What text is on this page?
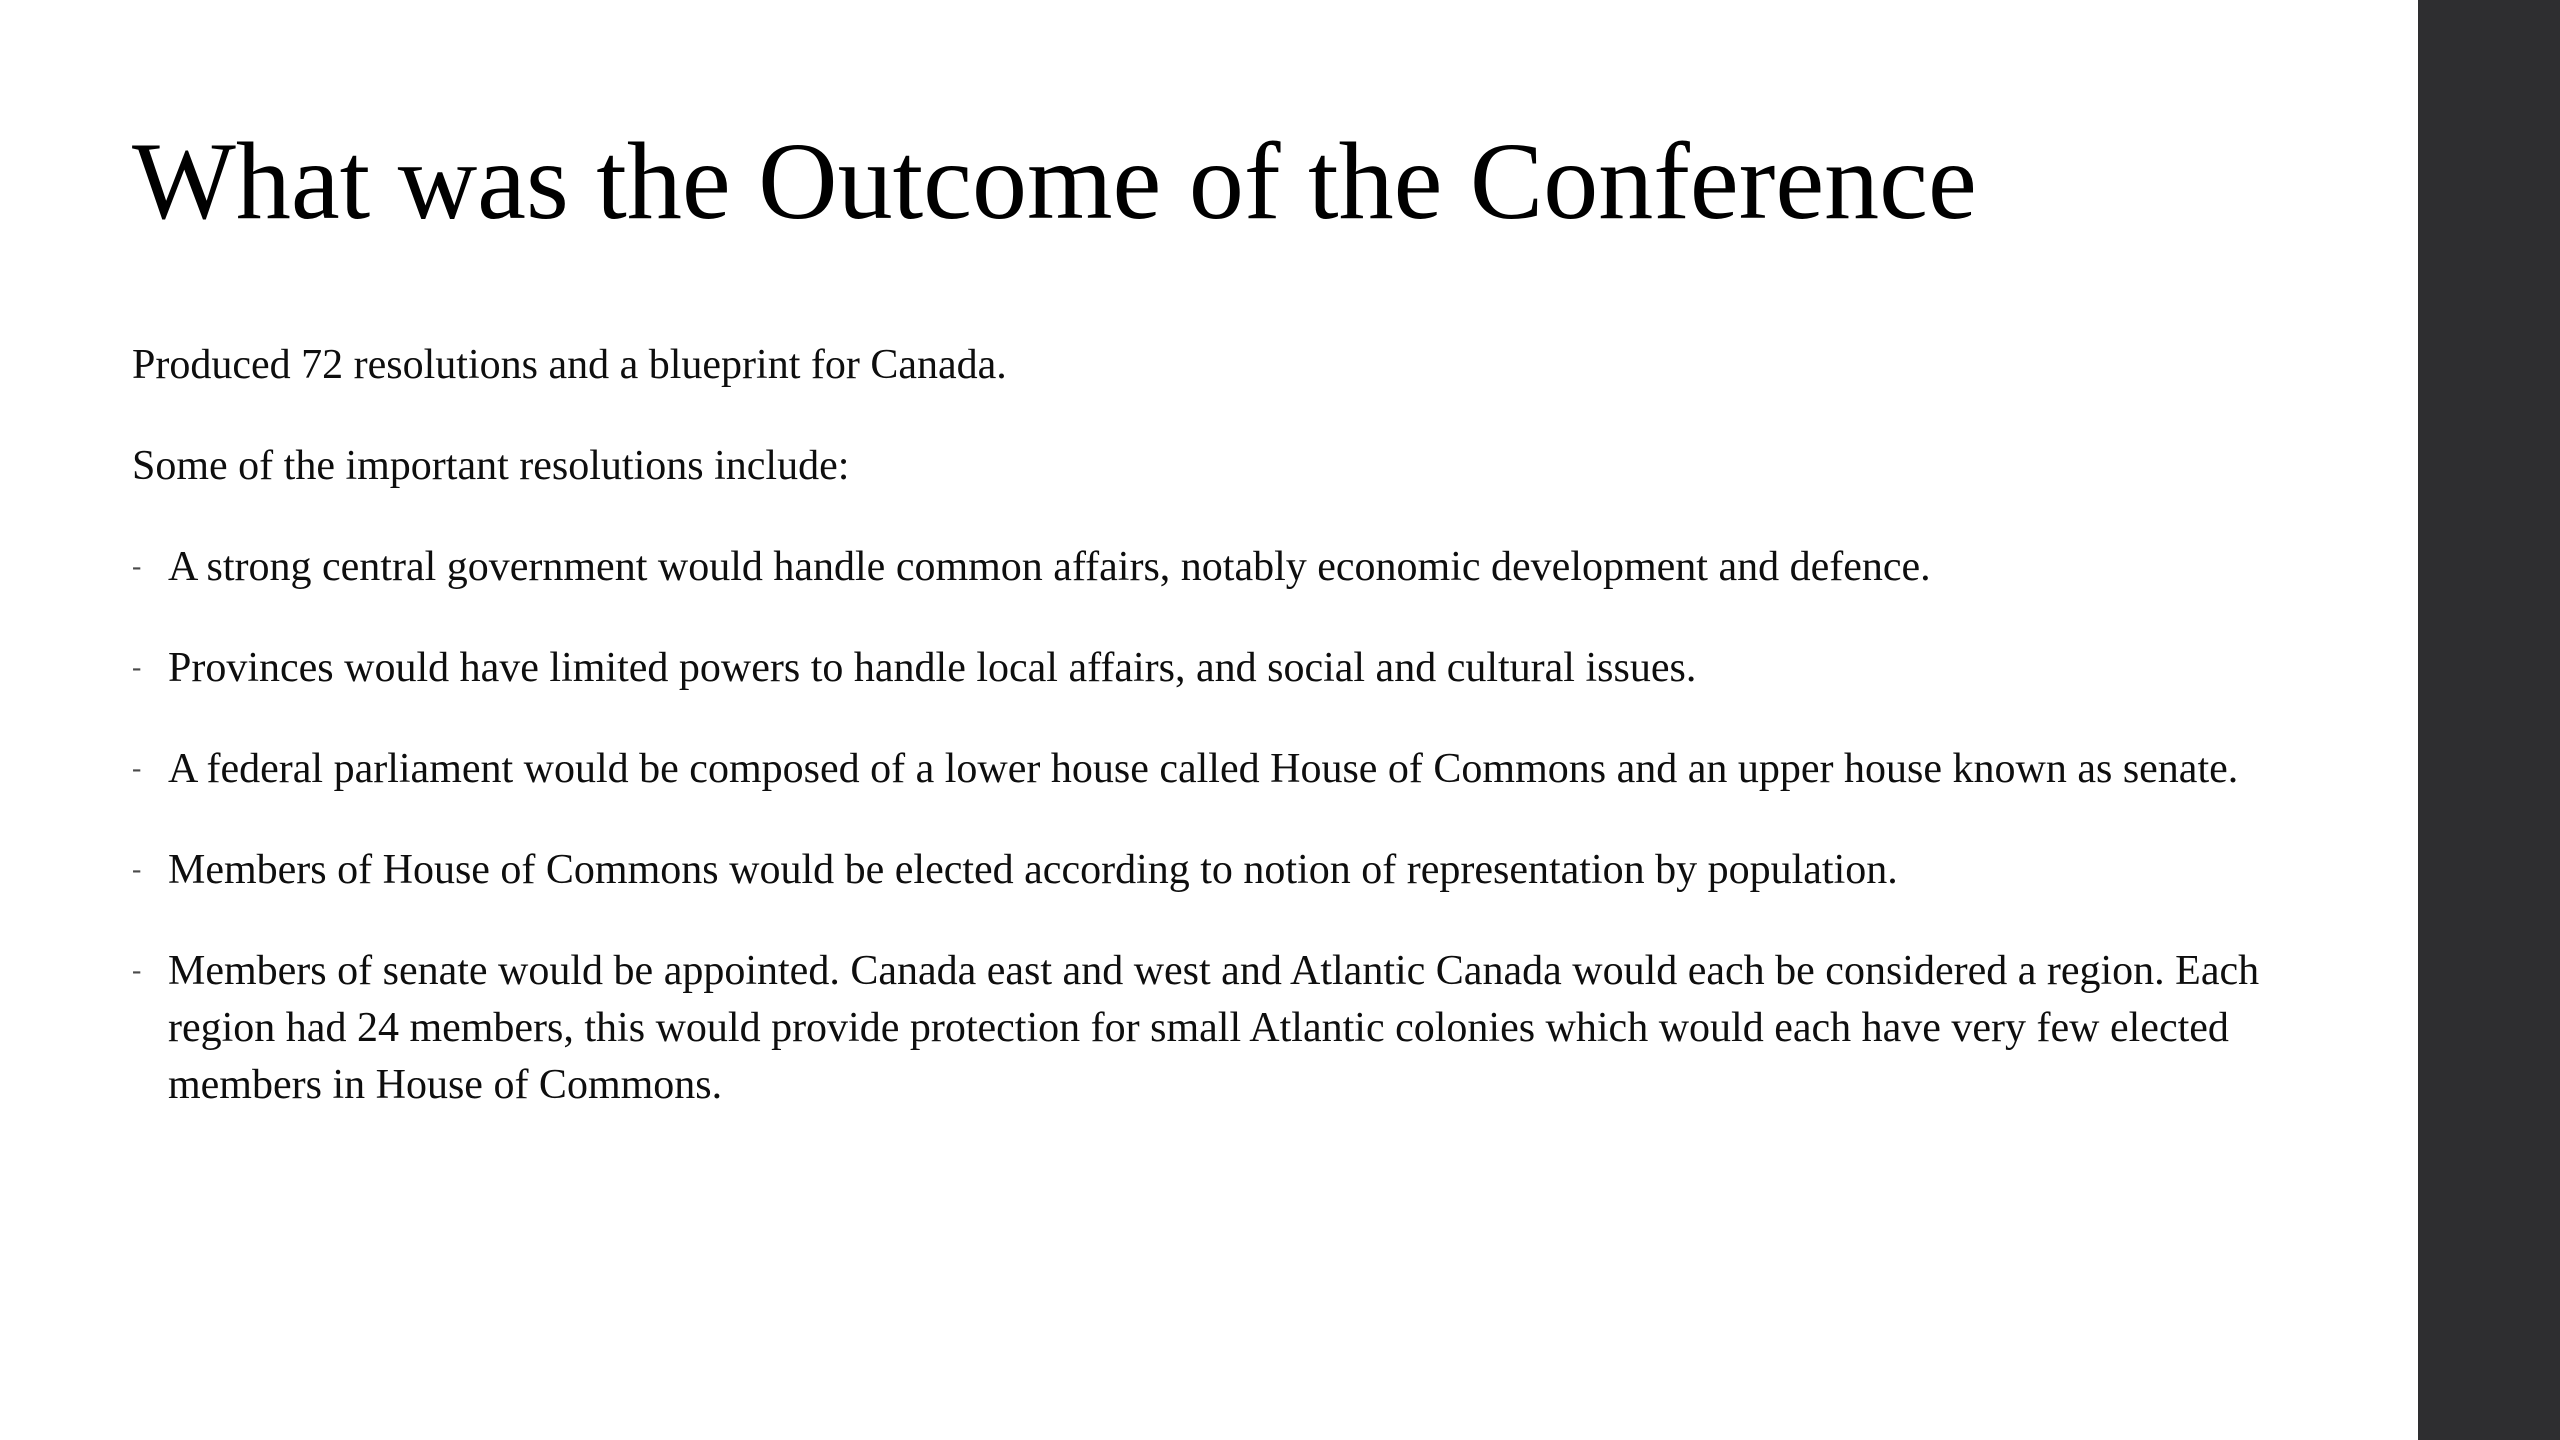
What was the Outcome of the Conference

Produced 72 resolutions and a blueprint for Canada.

Some of the important resolutions include:

- A strong central government would handle common affairs, notably economic development and defence.
- Provinces would have limited powers to handle local affairs, and social and cultural issues.
- A federal parliament would be composed of a lower house called House of Commons and an upper house known as senate.
- Members of House of Commons would be elected according to notion of representation by population.
- Members of senate would be appointed. Canada east and west and Atlantic Canada would each be considered a region. Each region had 24 members, this would provide protection for small Atlantic colonies which would each have very few elected members in House of Commons.
